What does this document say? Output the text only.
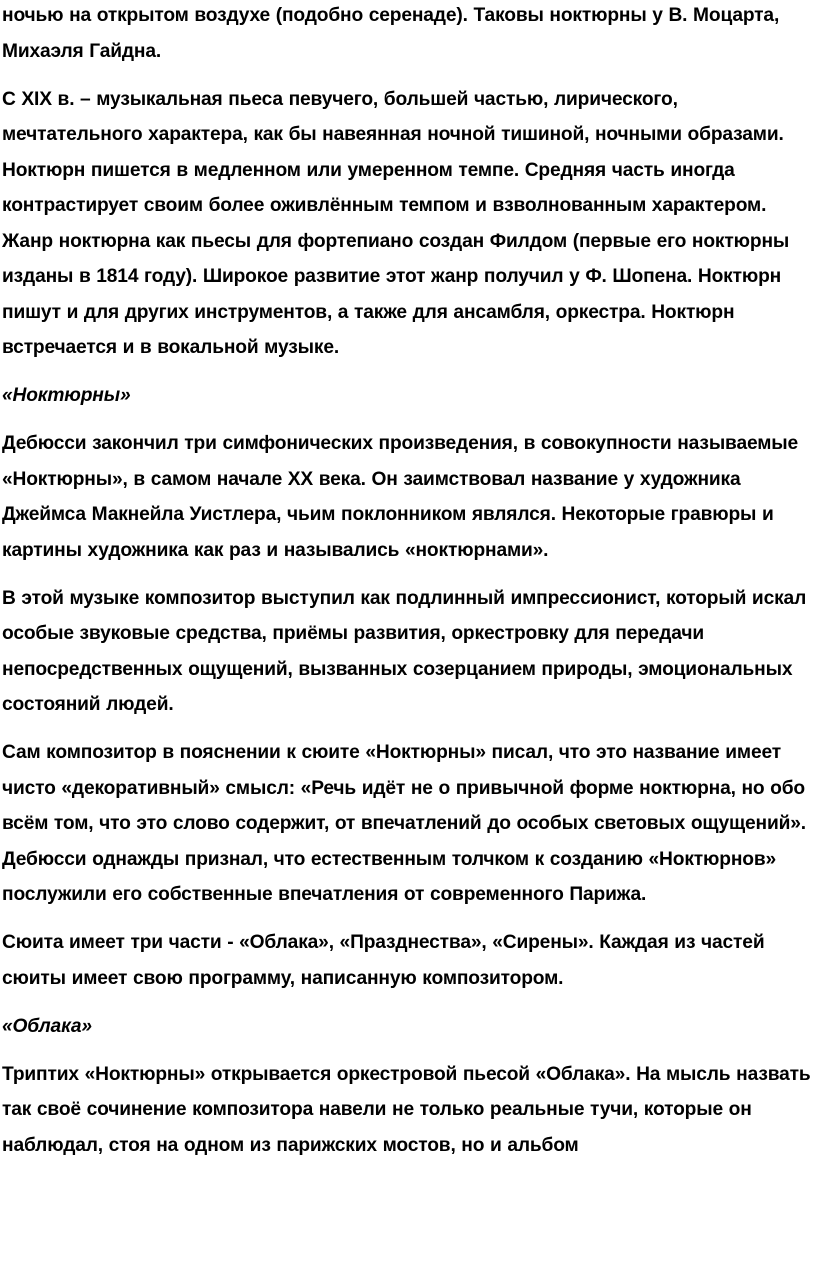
ночью на открытом воздухе (подобно серенаде). Таковы ноктюрны у В. Моцарта, Михаэля Гайдна.

С XIX в. – музыкальная пьеса певучего, большей частью, лирического, мечтательного характера, как бы навеянная ночной тишиной, ночными образами. Ноктюрн пишется в медленном или умеренном темпе. Средняя часть иногда контрастирует своим более оживлённым темпом и взволнованным характером. Жанр ноктюрна как пьесы для фортепиано создан Филдом (первые его ноктюрны изданы в 1814 году). Широкое развитие этот жанр получил у Ф. Шопена. Ноктюрн пишут и для других инструментов, а также для ансамбля, оркестра. Ноктюрн встречается и в вокальной музыке.

«Ноктюрны»

Дебюсси закончил три симфонических произведения, в совокупности называемые «Ноктюрны», в самом начале XX века. Он заимствовал название у художника Джеймса Макнейла Уистлера, чьим поклонником являлся. Некоторые гравюры и картины художника как раз и назывались «ноктюрнами».

В этой музыке композитор выступил как подлинный импрессионист, который искал особые звуковые средства, приёмы развития, оркестровку для передачи непосредственных ощущений, вызванных созерцанием природы, эмоциональных состояний людей.

Сам композитор в пояснении к сюите «Ноктюрны» писал, что это название имеет чисто «декоративный» смысл: «Речь идёт не о привычной форме ноктюрна, но обо всём том, что это слово содержит, от впечатлений до особых световых ощущений». Дебюсси однажды признал, что естественным толчком к созданию «Ноктюрнов» послужили его собственные впечатления от современного Парижа.

Сюита имеет три части - «Облака», «Празднества», «Сирены». Каждая из частей сюиты имеет свою программу, написанную композитором.

«Облака»

Триптих «Ноктюрны» открывается оркестровой пьесой «Облака». На мысль назвать так своё сочинение композитора навели не только реальные тучи, которые он наблюдал, стоя на одном из парижских мостов, но и альбом
